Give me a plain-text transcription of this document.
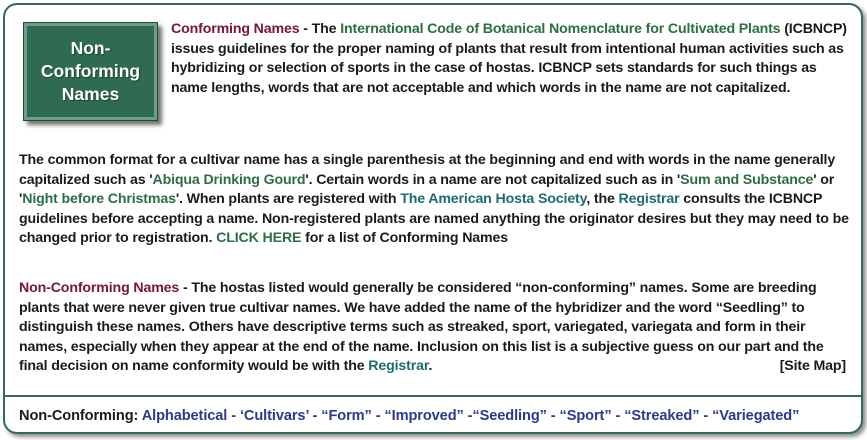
Non-
Conforming
Names

Conforming Names - The International Code of Botanical Nomenclature for Cultivated Plants (ICBNCP) issues guidelines for the proper naming of plants that result from intentional human activities such as hybridizing or selection of sports in the case of hostas. ICBNCP sets standards for such things as name lengths, words that are not acceptable and which words in the name are not capitalized.

The common format for a cultivar name has a single parenthesis at the beginning and end with words in the name generally capitalized such as 'Abiqua Drinking Gourd'. Certain words in a name are not capitalized such as in 'Sum and Substance' or 'Night before Christmas'. When plants are registered with The American Hosta Society, the Registrar consults the ICBNCP guidelines before accepting a name. Non-registered plants are named anything the originator desires but they may need to be changed prior to registration. CLICK HERE for a list of Conforming Names

Non-Conforming Names - The hostas listed would generally be considered “non-conforming” names. Some are breeding plants that were never given true cultivar names. We have added the name of the hybridizer and the word “Seedling” to distinguish these names. Others have descriptive terms such as streaked, sport, variegated, variegata and form in their names, especially when they appear at the end of the name. Inclusion on this list is a subjective guess on our part and the final decision on name conformity would be with the Registrar.	[Site Map]

Non-Conforming: Alphabetical - ‘Cultivars’ - “Form” - “Improved” -“Seedling” - “Sport” - “Streaked” - “Variegated”
